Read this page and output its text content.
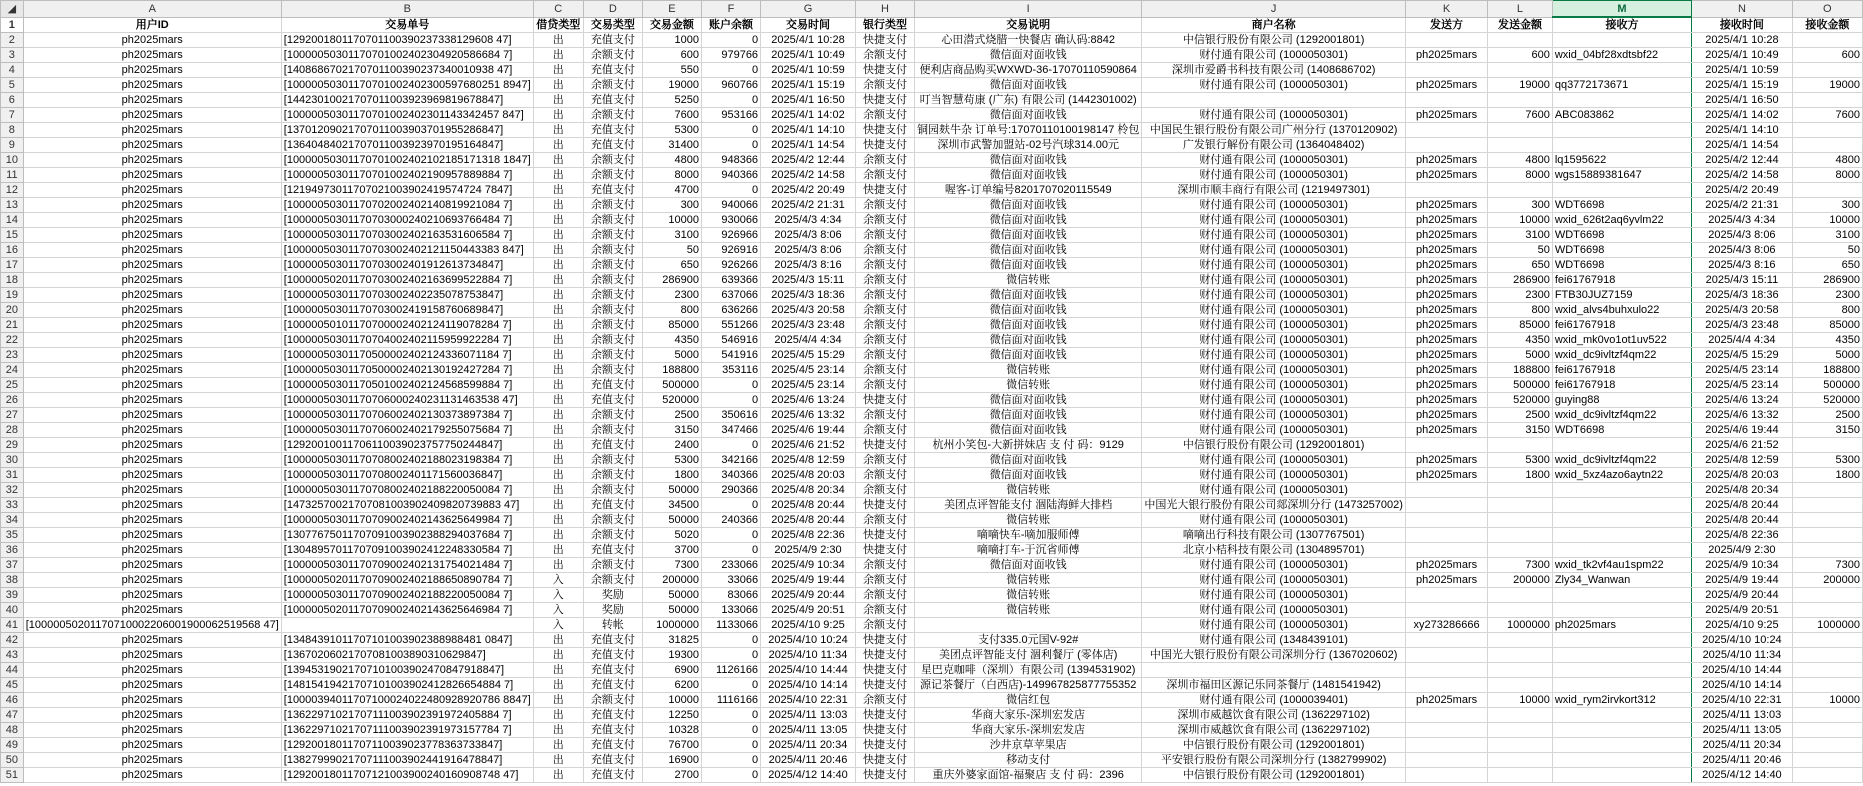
◢	A	B	C	D	E	F	G	H	I	J	K	L	M	N	O
1	用户ID	交易单号	借贷类型	交易类型	交易金额	账户余额	交易时间	银行类型	交易说明	商户名称	发送方	发送金额	接收方	接收时间	接收金额
2	ph2025mars	[1292001801170701100390237338129608 47]	出	充值支付	1000	0	2025/4/1 10:28	快捷支付	心田潜式烧腊一快餐店 确认码:8842	中信银行股份有限公司 (1292001801)				2025/4/1 10:28	
3	ph2025mars	[10000050301170701002402304920586684 7]	出	余额支付	600	979766	2025/4/1 10:49	余额支付	微信面对面收钱	财付通有限公司 (1000050301)	ph2025mars	600	wxid_04bf28xdtsbf22	2025/4/1 10:49	600
4	ph2025mars	[1408686702170701100390237340010938 47]	出	充值支付	550	0	2025/4/1 10:59	快捷支付	便利店商品购买WXWD-36-17070110590864	深圳市爱爵书科技有限公司 (1408686702)				2025/4/1 10:59	
5	ph2025mars	[10000050301170701002402300597680251 8947]	出	余额支付	19000	960766	2025/4/1 15:19	余额支付	微信面对面收钱	财付通有限公司 (1000050301)	ph2025mars	19000	qq3772173671	2025/4/1 15:19	19000
6	ph2025mars	[14423010021707011003923969819678847]	出	充值支付	5250	0	2025/4/1 16:50	快捷支付	叮当智慧苟康 (广东) 有限公司 (1442301002)					2025/4/1 16:50	
7	ph2025mars	[10000050301170701002402301143342457 847]	出	余额支付	7600	953166	2025/4/1 14:02	余额支付	微信面对面收钱	财付通有限公司 (1000050301)	ph2025mars	7600	ABC083862	2025/4/1 14:02	7600
8	ph2025mars	[13701209021707011003903701955286847]	出	充值支付	5300	0	2025/4/1 14:10	快捷支付	铜园麸牛杂 订单号:17070110100198147 柃包	中国民生银行股份有限公司广州分行 (1370120902)				2025/4/1 14:10	
9	ph2025mars	[13640484021707011003923970195164847]	出	充值支付	31400	0	2025/4/1 14:54	快捷支付	深圳市武警加盟站-02号汽球314.00元	广发银行解份有限公司 (1364048402)				2025/4/1 14:54	
10	ph2025mars	[10000050301170701002402102185171318 1847]	出	余额支付	4800	948366	2025/4/2 12:44	余额支付	微信面对面收钱	财付通有限公司 (1000050301)	ph2025mars	4800	lq1595622	2025/4/2 12:44	4800
11	ph2025mars	[10000050301170701002402190957889884 7]	出	余额支付	8000	940366	2025/4/2 14:58	余额支付	微信面对面收钱	财付通有限公司 (1000050301)	ph2025mars	8000	wgs15889381647	2025/4/2 14:58	8000
12	ph2025mars	[12194973011707021003902419574724 7847]	出	充值支付	4700	0	2025/4/2 20:49	快捷支付	喔客-订单编号8201707020115549	深圳市顺丰商行有限公司 (1219497301)				2025/4/2 20:49	
13	ph2025mars	[10000050301170702002402140819921084 7]	出	余额支付	300	940066	2025/4/2 21:31	余额支付	微信面对面收钱	财付通有限公司 (1000050301)	ph2025mars	300	WDT6698	2025/4/2 21:31	300
14	ph2025mars	[10000050301170703000240210693766484 7]	出	余额支付	10000	930066	2025/4/3 4:34	余额支付	微信面对面收钱	财付通有限公司 (1000050301)	ph2025mars	10000	wxid_626t2aq6yvlm22	2025/4/3 4:34	10000
15	ph2025mars	[10000050301170703002402163531606584 7]	出	余额支付	3100	926966	2025/4/3 8:06	余额支付	微信面对面收钱	财付通有限公司 (1000050301)	ph2025mars	3100	WDT6698	2025/4/3 8:06	3100
16	ph2025mars	[10000050301170703002402121150443383 847]	出	余额支付	50	926916	2025/4/3 8:06	余额支付	微信面对面收钱	财付通有限公司 (1000050301)	ph2025mars	50	WDT6698	2025/4/3 8:06	50
17	ph2025mars	[10000050301170703002401912613734847]	出	余额支付	650	926266	2025/4/3 8:16	余额支付	微信面对面收钱	财付通有限公司 (1000050301)	ph2025mars	650	WDT6698	2025/4/3 8:16	650
18	ph2025mars	[10000050201170703002402163699522884 7]	出	余额支付	286900	639366	2025/4/3 15:11	余额支付	微信转账	财付通有限公司 (1000050301)	ph2025mars	286900	fei61767918	2025/4/3 15:11	286900
19	ph2025mars	[10000050301170703002402235078753847]	出	余额支付	2300	637066	2025/4/3 18:36	余额支付	微信面对面收钱	财付通有限公司 (1000050301)	ph2025mars	2300	FTB30JUZ7159	2025/4/3 18:36	2300
20	ph2025mars	[10000050301170703002419158760689847]	出	余额支付	800	636266	2025/4/3 20:58	余额支付	微信面对面收钱	财付通有限公司 (1000050301)	ph2025mars	800	wxid_alvs4buhxulo22	2025/4/3 20:58	800
21	ph2025mars	[10000050101170700002402124119078284 7]	出	余额支付	85000	551266	2025/4/3 23:48	余额支付	微信面对面收钱	财付通有限公司 (1000050301)	ph2025mars	85000	fei61767918	2025/4/3 23:48	85000
22	ph2025mars	[10000050301170704002402115959922284 7]	出	余额支付	4350	546916	2025/4/4 4:34	余额支付	微信面对面收钱	财付通有限公司 (1000050301)	ph2025mars	4350	wxid_mk0vo1ot1uv522	2025/4/4 4:34	4350
23	ph2025mars	[10000050301170500002402124336071184 7]	出	余额支付	5000	541916	2025/4/5 15:29	余额支付	微信面对面收钱	财付通有限公司 (1000050301)	ph2025mars	5000	wxid_dc9ivltzf4qm22	2025/4/5 15:29	5000
24	ph2025mars	[10000050301170500002402130192427284 7]	出	余额支付	188800	353116	2025/4/5 23:14	余额支付	微信转账	财付通有限公司 (1000050301)	ph2025mars	188800	fei61767918	2025/4/5 23:14	188800
25	ph2025mars	[10000050301170501002402124568599884 7]	出	充值支付	500000	0	2025/4/5 23:14	余额支付	微信转账	财付通有限公司 (1000050301)	ph2025mars	500000	fei61767918	2025/4/5 23:14	500000
26	ph2025mars	[10000050301170706000240231131463538 47]	出	充值支付	520000	0	2025/4/6 13:24	快捷支付	微信面对面收钱	财付通有限公司 (1000050301)	ph2025mars	520000	guying88	2025/4/6 13:24	520000
27	ph2025mars	[10000050301170706002402130373897384 7]	出	余额支付	2500	350616	2025/4/6 13:32	余额支付	微信面对面收钱	财付通有限公司 (1000050301)	ph2025mars	2500	wxid_dc9ivltzf4qm22	2025/4/6 13:32	2500
28	ph2025mars	[10000050301170706002402179255075684 7]	出	余额支付	3150	347466	2025/4/6 19:44	余额支付	微信面对面收钱	财付通有限公司 (1000050301)	ph2025mars	3150	WDT6698	2025/4/6 19:44	3150
29	ph2025mars	[12920010011706110039023757750244847]	出	充值支付	2400	0	2025/4/6 21:52	快捷支付	杭州小笑包-大新拼妹店 支 付 码：9129	中信银行股份有限公司 (1292001801)				2025/4/6 21:52	
30	ph2025mars	[10000050301170708002402188023198384 7]	出	余额支付	5300	342166	2025/4/8 12:59	余额支付	微信面对面收钱	财付通有限公司 (1000050301)	ph2025mars	5300	wxid_dc9ivltzf4qm22	2025/4/8 12:59	5300
31	ph2025mars	[10000050301170708002401171560036847]	出	余额支付	1800	340366	2025/4/8 20:03	余额支付	微信面对面收钱	财付通有限公司 (1000050301)	ph2025mars	1800	wxid_5xz4azo6aytn22	2025/4/8 20:03	1800
32	ph2025mars	[10000050301170708002402188220050084 7]	出	余额支付	50000	290366	2025/4/8 20:34	余额支付	微信转账	财付通有限公司 (1000050301)				2025/4/8 20:34	
33	ph2025mars	[14732570021707081003902409820739883 47]	出	充值支付	34500	0	2025/4/8 20:44	快捷支付	美团点评智能支付 涸陆海鲜大排档	中国光大银行股份有限公司郯深圳分行 (1473257002)				2025/4/8 20:44	
34	ph2025mars	[10000050301170709002402143625649984 7]	出	余额支付	50000	240366	2025/4/8 20:44	余额支付	微信转账	财付通有限公司 (1000050301)				2025/4/8 20:44	
35	ph2025mars	[13077675011707091003902388294037684 7]	出	余额支付	5020	0	2025/4/8 22:36	快捷支付	嘀嘀快车-嘀加服师傅	嘀嘀出行科技有限公司 (1307767501)				2025/4/8 22:36	
36	ph2025mars	[13048957011707091003902412248330584 7]	出	充值支付	3700	0	2025/4/9 2:30	快捷支付	嘀嘀打车-于沉省师傅	北京小桔科技有限公司 (1304895701)				2025/4/9 2:30	
37	ph2025mars	[10000050301170709002402131754021484 7]	出	余额支付	7300	233066	2025/4/9 10:34	余额支付	微信面对面收钱	财付通有限公司 (1000050301)	ph2025mars	7300	wxid_tk2vf4au1spm22	2025/4/9 10:34	7300
38	ph2025mars	[10000050201170709002402188650890784 7]	入	余额支付	200000	33066	2025/4/9 19:44	余额支付	微信转账	财付通有限公司 (1000050301)	ph2025mars	200000	Zly34_Wanwan	2025/4/9 19:44	200000
39	ph2025mars	[10000050301170709002402188220050084 7]	入	奖励	50000	83066	2025/4/9 20:44	余额支付	微信转账	财付通有限公司 (1000050301)				2025/4/9 20:44	
40	ph2025mars	[10000050201170709002402143625646984 7]	入	奖励	50000	133066	2025/4/9 20:51	余额支付	微信转账	财付通有限公司 (1000050301)				2025/4/9 20:51	
41	[10000050201170710002206001900062519568 47]		入	转帐	1000000	1133066	2025/4/10 9:25	余额支付		财付通有限公司 (1000050301)	xy273286666	1000000	ph2025mars	2025/4/10 9:25	1000000
42	ph2025mars	[13484391011707101003902388988481 0847]	出	充值支付	31825	0	2025/4/10 10:24	快捷支付	支付335.0元国V-92#	财付通有限公司 (1348439101)				2025/4/10 10:24	
43	ph2025mars	[13670206021707081003890310629847]	出	充值支付	19300	0	2025/4/10 11:34	快捷支付	美团点评智能支付 涸利餐厅 (零体店)	中国光大银行股份有限公司深圳分行 (1367020602)				2025/4/10 11:34	
44	ph2025mars	[13945319021707101003902470847918847]	出	充值支付	6900	1126166	2025/4/10 14:44	快捷支付	星巴克咖啡（深圳）有限公司 (1394531902)					2025/4/10 14:44	
45	ph2025mars	[14815419421707101003902412826654884 7]	出	充值支付	6200	0	2025/4/10 14:14	快捷支付	源记茶餐厅（白西店)-149967825877755352	深圳市福田区源记乐同茶餐厅 (1481541942)				2025/4/10 14:14	
46	ph2025mars	[10000394011707100024022480928920786 8847]	出	余额支付	10000	1116166	2025/4/10 22:31	余额支付	微信红包	财付通有限公司 (1000039401)	ph2025mars	10000	wxid_rym2irvkort312	2025/4/10 22:31	10000
47	ph2025mars	[13622971021707111003902391972405884 7]	出	充值支付	12250	0	2025/4/11 13:03	快捷支付	华商大家乐-深圳宏发店	深圳市威越饮食有限公司 (1362297102)				2025/4/11 13:03	
48	ph2025mars	[13622971021707111003902391973157784 7]	出	充值支付	10328	0	2025/4/11 13:05	快捷支付	华商大家乐-深圳宏发店	深圳市威越饮食有限公司 (1362297102)				2025/4/11 13:05	
49	ph2025mars	[12920018011707110039023778363733847]	出	充值支付	76700	0	2025/4/11 20:34	快捷支付	沙井京草苹果店	中信银行股份有限公司 (1292001801)				2025/4/11 20:34	
50	ph2025mars	[13827999021707111003902441916478847]	出	充值支付	16900	0	2025/4/11 20:46	快捷支付	移动支付	平安银行股份有限公司深圳分行 (1382799902)				2025/4/11 20:46	
51	ph2025mars	[12920018011707121003900240160908748 47]	出	充值支付	2700	0	2025/4/12 14:40	快捷支付	重庆外婆家面馆-福聚店 支 付 码：2396	中信银行股份有限公司 (1292001801)				2025/4/12 14:40	
